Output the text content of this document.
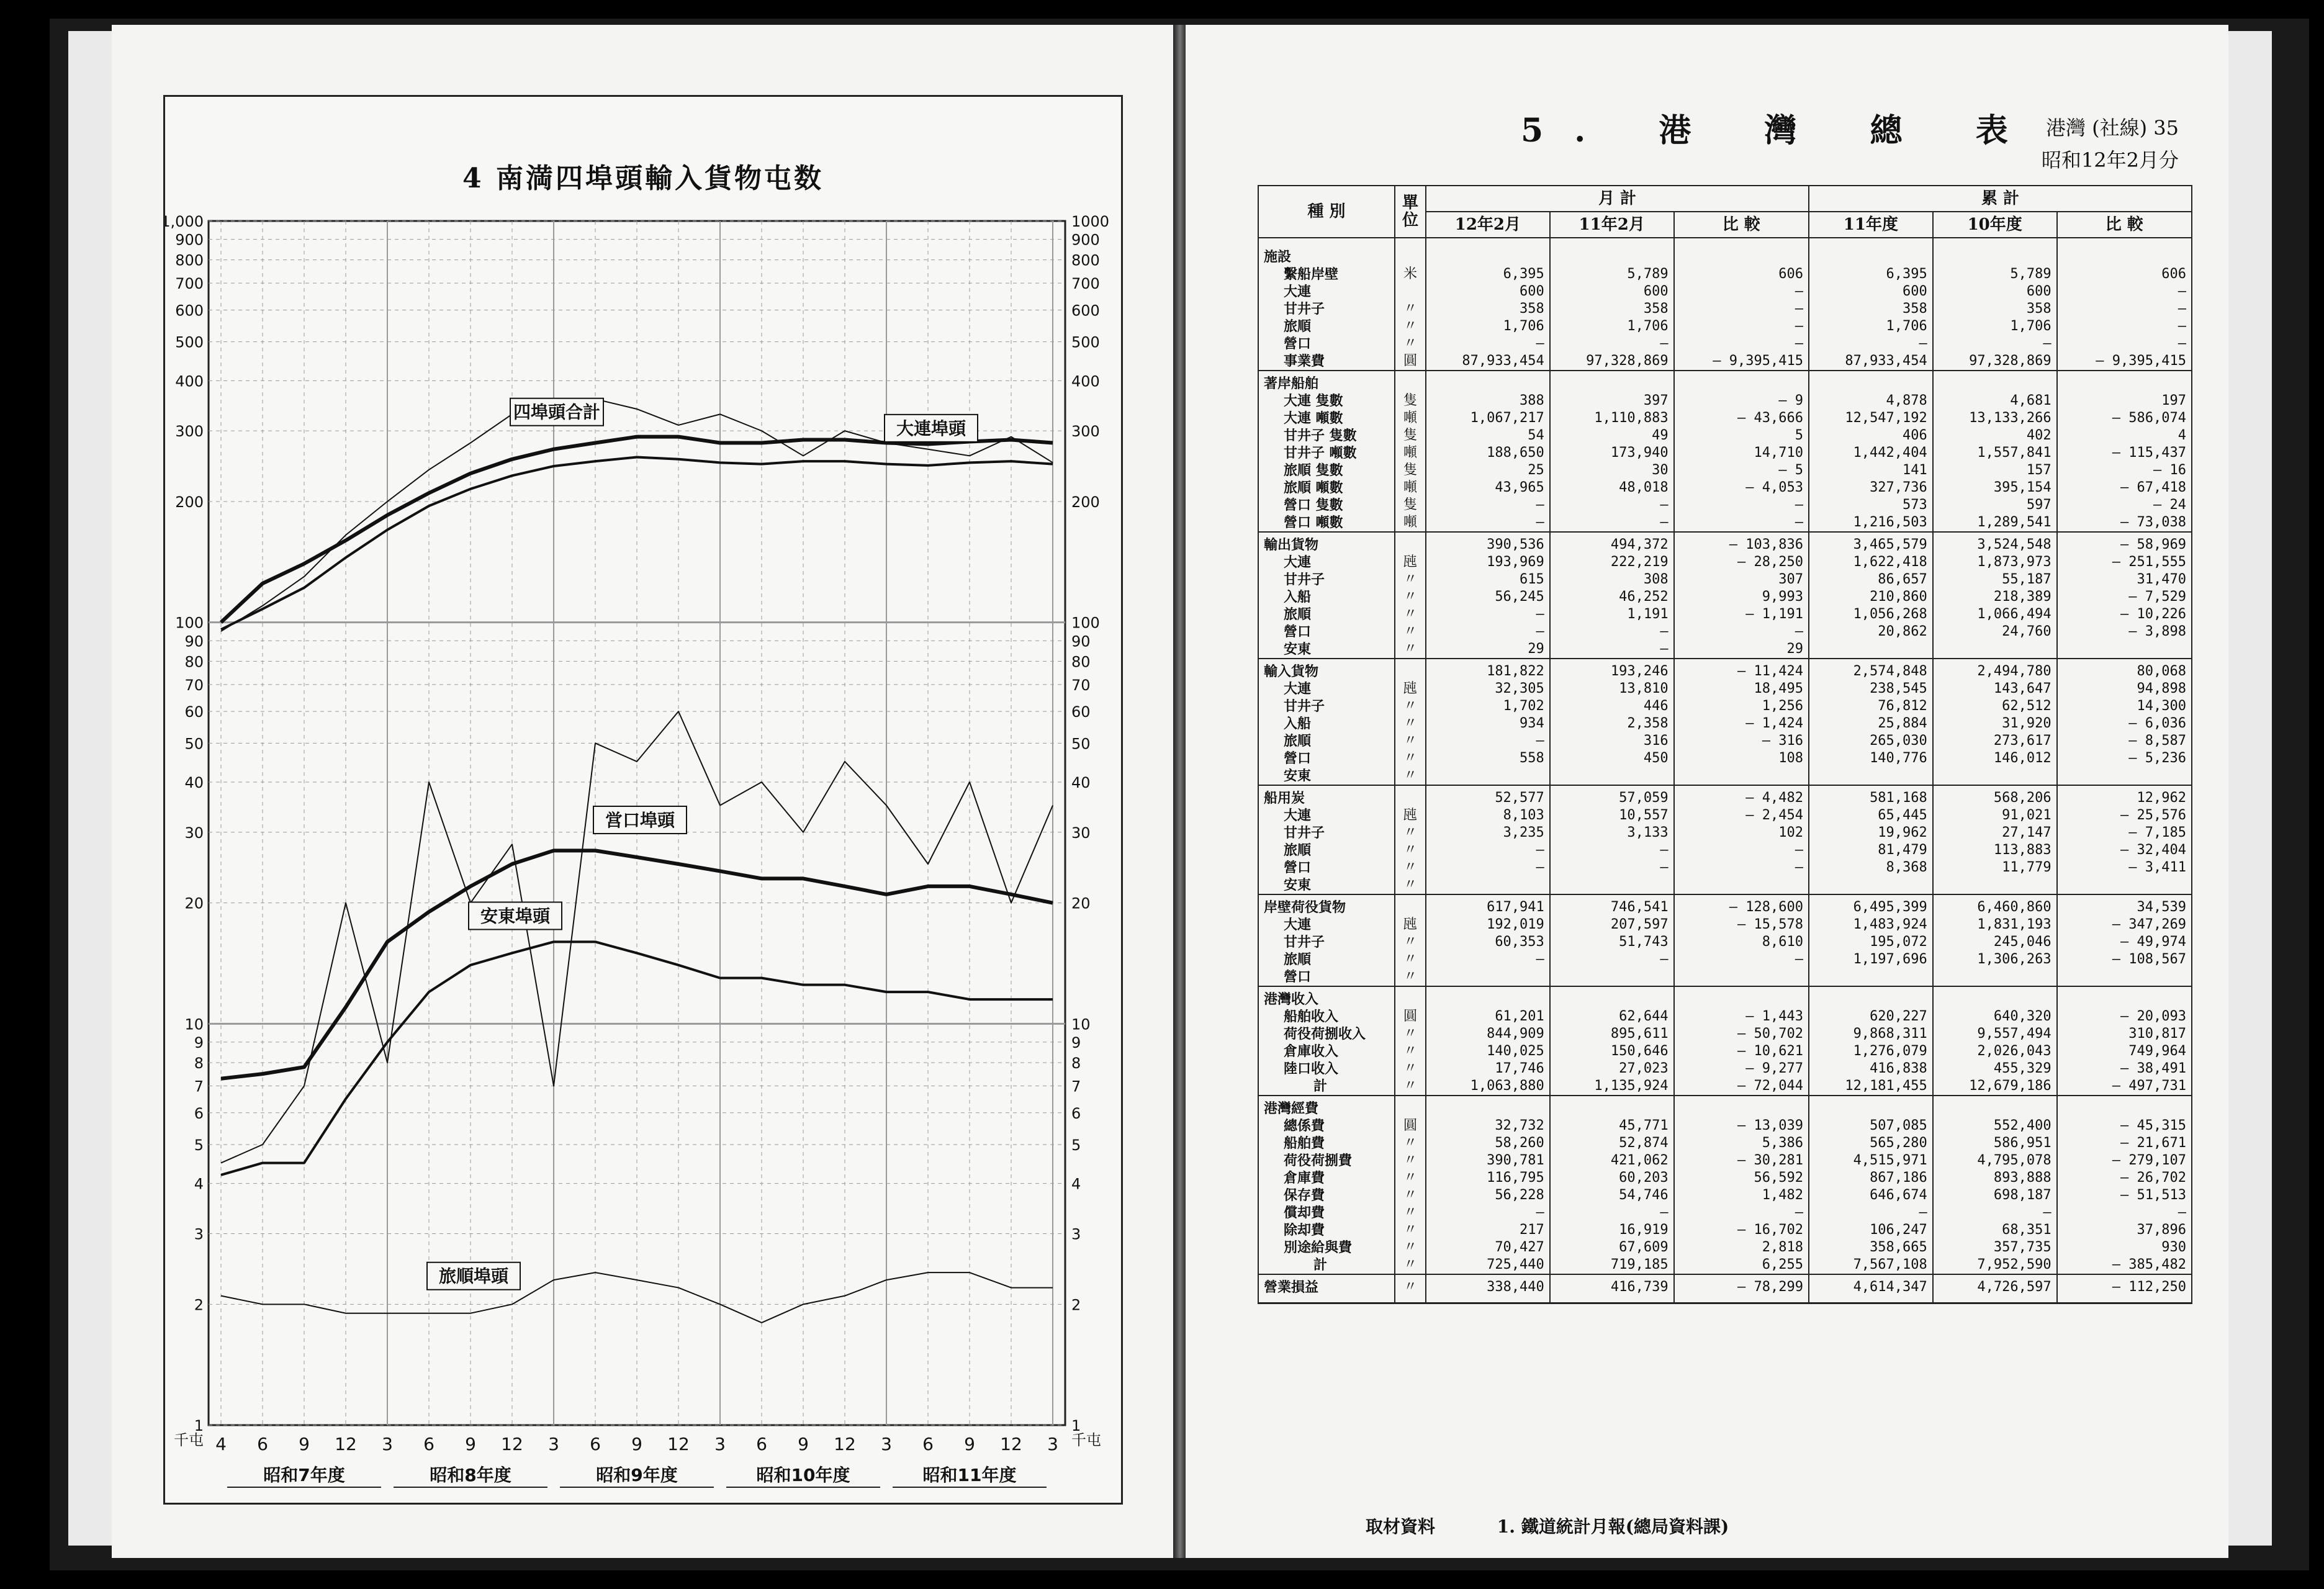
4 南満四埠頭輸入貨物屯数
1,000	1000
900	900
800	800
700	700
600	600
500	500
400	400
300	300
200	200
100	100
90	90
80	80
70	70
60	60
50	50
40	40
30	30
20	20
10	10
9	9
8	8
7	7
6	6
5	5
4	4
3	3
2	2
1	1
千屯	千屯
4 6 9 12 3 6 9 12 3 6 9 12 3 6 9 12 3 6 9 12 3
昭和7年度	昭和8年度	昭和9年度	昭和10年度	昭和11年度
四埠頭合計
大連埠頭
営口埠頭
安東埠頭
旅順埠頭
5. 港 灣 總 表 港灣 (社線) 35
昭和12年2月分
種 別	單 位	月 計			累 計		
		12年2月	11年2月	比 較	11年度	10年度	比 較
施設							
繫船岸壁	米	6,395	5,789	606	6,395	5,789	606
大連		600	600	—	600	600	—
甘井子	〃	358	358	—	358	358	—
旅順	〃	1,706	1,706	—	1,706	1,706	—
營口	〃	—	—	—	—	—	—
事業費	圓	87,933,454	97,328,869	— 9,395,415	87,933,454	97,328,869	— 9,395,415
著岸船舶							
大連 隻數	隻	388	397	— 9	4,878	4,681	197
大連 噸數	噸	1,067,217	1,110,883	— 43,666	12,547,192	13,133,266	— 586,074
甘井子 隻數	隻	54	49	5	406	402	4
甘井子 噸數	噸	188,650	173,940	14,710	1,442,404	1,557,841	— 115,437
旅順 隻數	隻	25	30	— 5	141	157	— 16
旅順 噸數	噸	43,965	48,018	— 4,053	327,736	395,154	— 67,418
營口 隻數	隻	—	—	—	573	597	— 24
營口 噸數	噸	—	—	—	1,216,503	1,289,541	— 73,038
輸出貨物		390,536	494,372	— 103,836	3,465,579	3,524,548	— 58,969
大連	瓲	193,969	222,219	— 28,250	1,622,418	1,873,973	— 251,555
甘井子	〃	615	308	307	86,657	55,187	31,470
入船	〃	56,245	46,252	9,993	210,860	218,389	— 7,529
旅順	〃	—	1,191	— 1,191	1,056,268	1,066,494	— 10,226
營口	〃	—	—	—	20,862	24,760	— 3,898
安東	〃	29	—	29			
輸入貨物		181,822	193,246	— 11,424	2,574,848	2,494,780	80,068
大連	瓲	32,305	13,810	18,495	238,545	143,647	94,898
甘井子	〃	1,702	446	1,256	76,812	62,512	14,300
入船	〃	934	2,358	— 1,424	25,884	31,920	— 6,036
旅順	〃	—	316	— 316	265,030	273,617	— 8,587
營口	〃	558	450	108	140,776	146,012	— 5,236
安東	〃						
船用炭		52,577	57,059	— 4,482	581,168	568,206	12,962
大連	瓲	8,103	10,557	— 2,454	65,445	91,021	— 25,576
甘井子	〃	3,235	3,133	102	19,962	27,147	— 7,185
旅順	〃	—	—	—	81,479	113,883	— 32,404
營口	〃	—	—	—	8,368	11,779	— 3,411
安東	〃						
岸壁荷役貨物		617,941	746,541	— 128,600	6,495,399	6,460,860	34,539
大連	瓲	192,019	207,597	— 15,578	1,483,924	1,831,193	— 347,269
甘井子	〃	60,353	51,743	8,610	195,072	245,046	— 49,974
旅順	〃	—	—	—	1,197,696	1,306,263	— 108,567
營口	〃						
港灣收入							
船舶收入	圓	61,201	62,644	— 1,443	620,227	640,320	— 20,093
荷役荷捌收入	〃	844,909	895,611	— 50,702	9,868,311	9,557,494	310,817
倉庫收入	〃	140,025	150,646	— 10,621	1,276,079	2,026,043	749,964
陸口收入	〃	17,746	27,023	— 9,277	416,838	455,329	— 38,491
計	〃	1,063,880	1,135,924	— 72,044	12,181,455	12,679,186	— 497,731
港灣經費							
總係費	圓	32,732	45,771	— 13,039	507,085	552,400	— 45,315
船舶費	〃	58,260	52,874	5,386	565,280	586,951	— 21,671
荷役荷捌費	〃	390,781	421,062	— 30,281	4,515,971	4,795,078	— 279,107
倉庫費	〃	116,795	60,203	56,592	867,186	893,888	— 26,702
保存費	〃	56,228	54,746	1,482	646,674	698,187	— 51,513
償却費	〃	—	—	—	—	—	—
除却費	〃	217	16,919	— 16,702	106,247	68,351	37,896
別途給與費	〃	70,427	67,609	2,818	358,665	357,735	930
計	〃	725,440	719,185	6,255	7,567,108	7,952,590	— 385,482
營業損益	〃	338,440	416,739	— 78,299	4,614,347	4,726,597	— 112,250
取材資料	1. 鐵道統計月報(總局資料課)
